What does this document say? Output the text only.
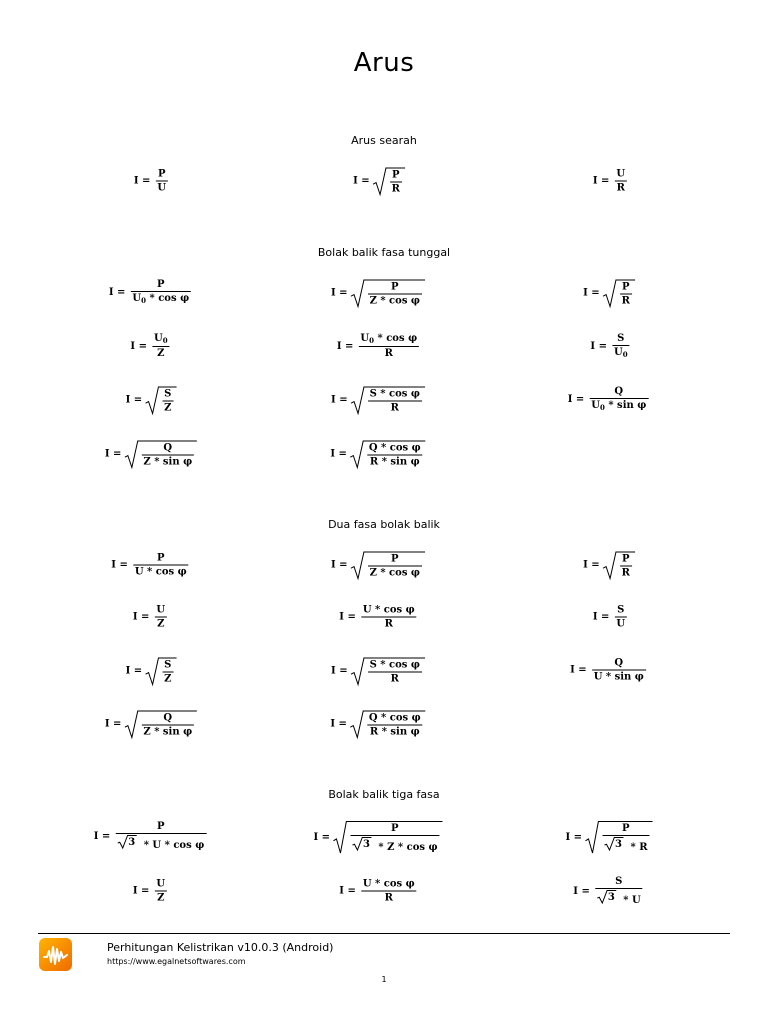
Arus
Arus searah
$I = \frac{P}{U}$	$I = \frac{P}{R}$	$I = \frac{U}{R}$
Bolak balik fasa tunggal
$I = \frac{P}{U_0 * \cos \varphi}$	$I = \frac{P}{\text{Z * cos φ}}$	$I = \frac{P}{R}$
$I = \frac{U_0}{Z}$	$I = \frac{U_0 * \cos \varphi}{R}$	$I = \frac{S}{U_0}$
$I = \frac{S}{Z}$	$I = \frac{\text{S * cos φ}}{R}$	$I = \frac{Q}{U_0 * \sin \varphi}$
$I = \frac{Q}{\text{Z * sin φ}}$	$I = \frac{\text{Q * cos φ}}{\text{R * sin φ}}$
Dua fasa bolak balik
$I = \frac{P}{\text{U * cos φ}}$	$I = \frac{P}{\text{Z * cos φ}}$	$I = \frac{P}{R}$
$I = \frac{U}{Z}$	$I = \frac{\text{U * cos φ}}{R}$	$I = \frac{S}{U}$
$I = \frac{S}{Z}$	$I = \frac{\text{S * cos φ}}{R}$	$I = \frac{Q}{\text{U * sin φ}}$
$I = \frac{Q}{\text{Z * sin φ}}$	$I = \frac{\text{Q * cos φ}}{\text{R * sin φ}}$
Bolak balik tiga fasa
$I = \frac{P}{\text{3 * U * cos φ}}$	$I = \frac{P}{\text{3 * Z * cos φ}}$	$I = \frac{P}{3 * R}$
$I = \frac{U}{Z}$	$I = \frac{\text{U * cos φ}}{R}$	$I = \frac{S}{3 * U}$
Perhitungan Kelistrikan v10.0.3 (Android)
https://www.egalnetsoftwares.com
1
